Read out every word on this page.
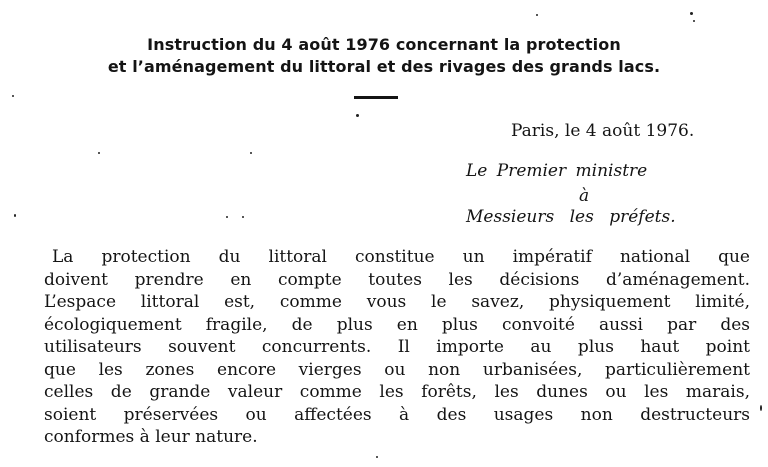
Instruction du 4 août 1976 concernant la protection
et l’aménagement du littoral et des rivages des grands lacs.
Paris, le 4 août 1976.
Le Premier ministre
à
Messieurs les préfets.
La protection du littoral constitue un impératif national que
doivent prendre en compte toutes les décisions d’aménagement.
L’espace littoral est, comme vous le savez, physiquement limité,
écologiquement fragile, de plus en plus convoité aussi par des
utilisateurs souvent concurrents. Il importe au plus haut point
que les zones encore vierges ou non urbanisées, particulièrement
celles de grande valeur comme les forêts, les dunes ou les marais,
soient préservées ou affectées à des usages non destructeurs
conformes à leur nature.
